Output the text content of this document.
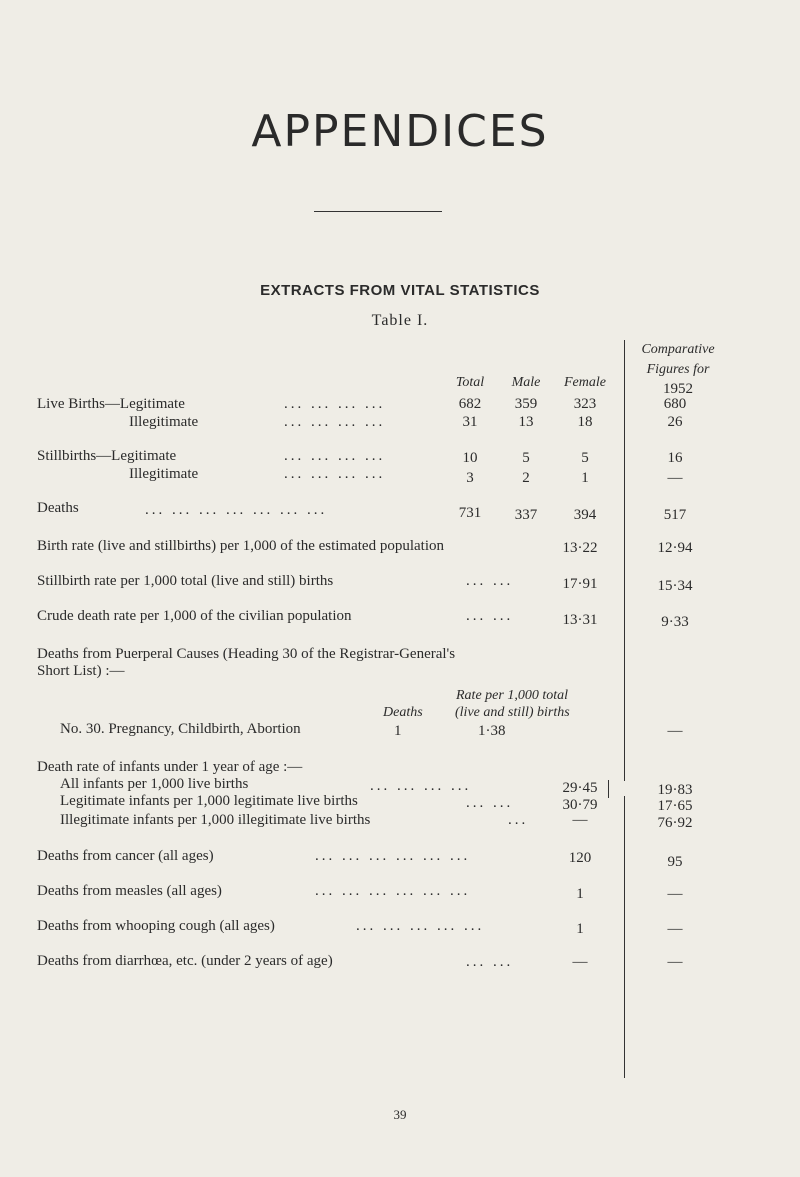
APPENDICES
EXTRACTS FROM VITAL STATISTICS
Table I.
Comparative
Figures for
1952
Total	Male	Female
Live Births—Legitimate	... ... ... ...	682	359	323	680
Illegitimate	... ... ... ...	31	13	18	26
Stillbirths—Legitimate	... ... ... ...	10	5	5	16
Illegitimate	... ... ... ...	3	2	1	—
Deaths	... ... ... ... ... ... ...	731	337	394	517
Birth rate (live and stillbirths) per 1,000 of the estimated population	13·22	12·94
Stillbirth rate per 1,000 total (live and still) births	... ...	17·91	15·34
Crude death rate per 1,000 of the civilian population	... ...	13·31	9·33
Deaths from Puerperal Causes (Heading 30 of the Registrar-General's
Short List) :—
Rate per 1,000 total
(live and still) births
Deaths
No. 30. Pregnancy, Childbirth, Abortion	1	1·38	—
Death rate of infants under 1 year of age :—
All infants per 1,000 live births	... ... ... ...	29·45	19·83
Legitimate infants per 1,000 legitimate live births	... ...	30·79	17·65
Illegitimate infants per 1,000 illegitimate live births	...	—	76·92
Deaths from cancer (all ages)	... ... ... ... ... ...	120	95
Deaths from measles (all ages)	... ... ... ... ... ...	1	—
Deaths from whooping cough (all ages)	... ... ... ... ...	1	—
Deaths from diarrhœa, etc. (under 2 years of age)	... ...	—	—
39
